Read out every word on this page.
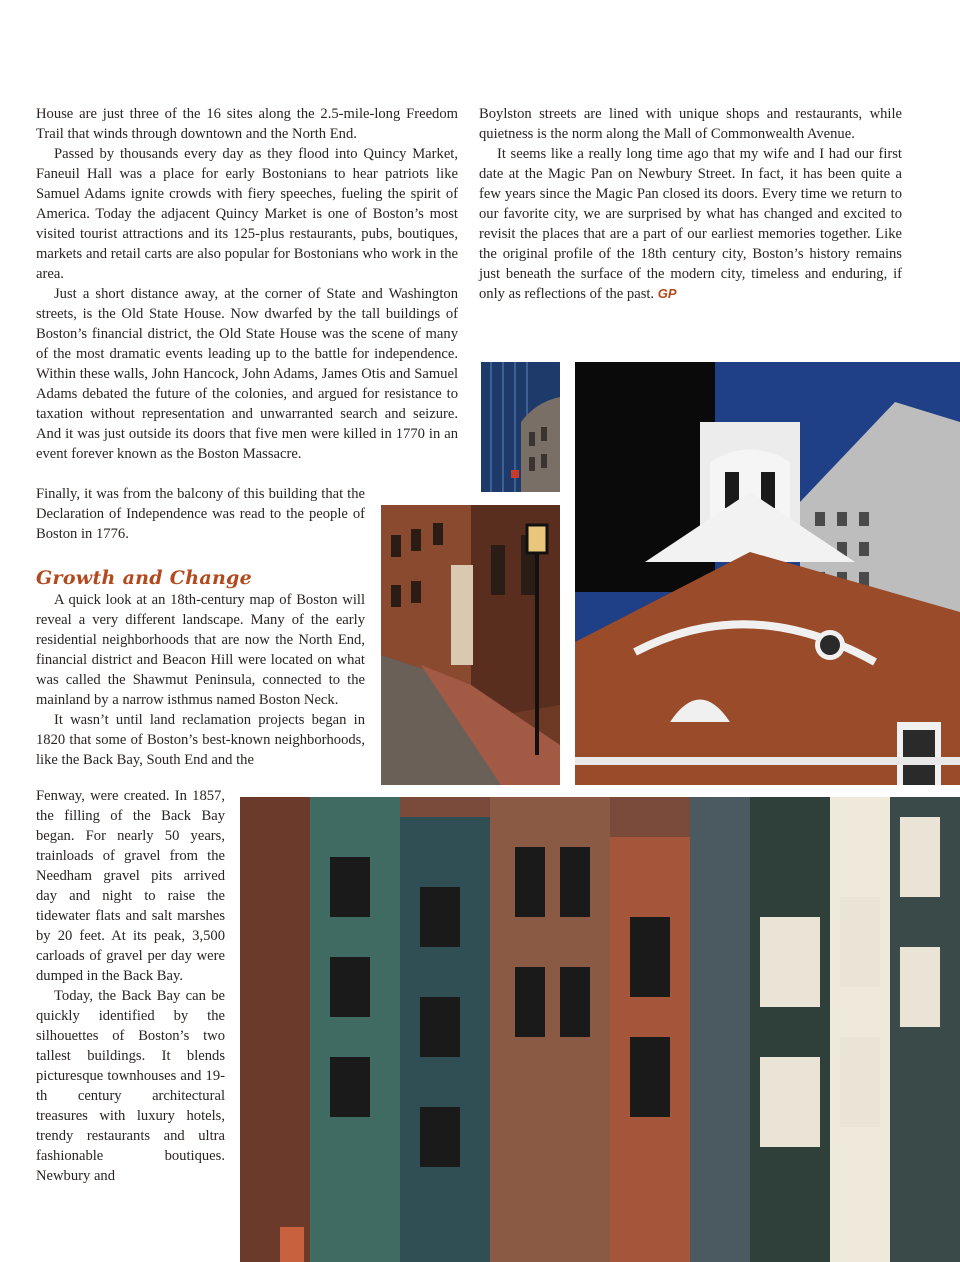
House are just three of the 16 sites along the 2.5-mile-long Freedom Trail that winds through downtown and the North End.

Passed by thousands every day as they flood into Quincy Market, Faneuil Hall was a place for early Bostonians to hear patriots like Samuel Adams ignite crowds with fiery speeches, fueling the spirit of America. Today the adjacent Quincy Market is one of Boston’s most visited tourist attractions and its 125-plus restaurants, pubs, boutiques, markets and retail carts are also popular for Bostonians who work in the area.

Just a short distance away, at the corner of State and Washington streets, is the Old State House. Now dwarfed by the tall buildings of Boston’s financial district, the Old State House was the scene of many of the most dramatic events leading up to the battle for independence. Within these walls, John Hancock, John Adams, James Otis and Samuel Adams debated the future of the colonies, and argued for resistance to taxation without representation and unwarranted search and seizure. And it was just outside its doors that five men were killed in 1770 in an event forever known as the Boston Massacre.

Finally, it was from the balcony of this building that the Declaration of Independence was read to the people of Boston in 1776.

Growth and Change

A quick look at an 18th-century map of Boston will reveal a very different landscape. Many of the early residential neighborhoods that are now the North End, financial district and Beacon Hill were located on what was called the Shawmut Peninsula, connected to the mainland by a narrow isthmus named Boston Neck.

It wasn’t until land reclamation projects began in 1820 that some of Boston’s best-known neighborhoods, like the Back Bay, South End and the

Fenway, were created. In 1857, the filling of the Back Bay began. For nearly 50 years, trainloads of gravel from the Needham gravel pits arrived day and night to raise the tidewater flats and salt marshes by 20 feet. At its peak, 3,500 carloads of gravel per day were dumped in the Back Bay.

Today, the Back Bay can be quickly identified by the silhouettes of Boston’s two tallest buildings. It blends picturesque townhouses and 19-th century architectural treasures with luxury hotels, trendy restaurants and ultra fashionable boutiques. Newbury and

Boylston streets are lined with unique shops and restaurants, while quietness is the norm along the Mall of Commonwealth Avenue.

It seems like a really long time ago that my wife and I had our first date at the Magic Pan on Newbury Street. In fact, it has been quite a few years since the Magic Pan closed its doors. Every time we return to our favorite city, we are surprised by what has changed and excited to revisit the places that are a part of our earliest memories together. Like the original profile of the 18th century city, Boston’s history remains just beneath the surface of the modern city, timeless and enduring, if only as reflections of the past. GP
